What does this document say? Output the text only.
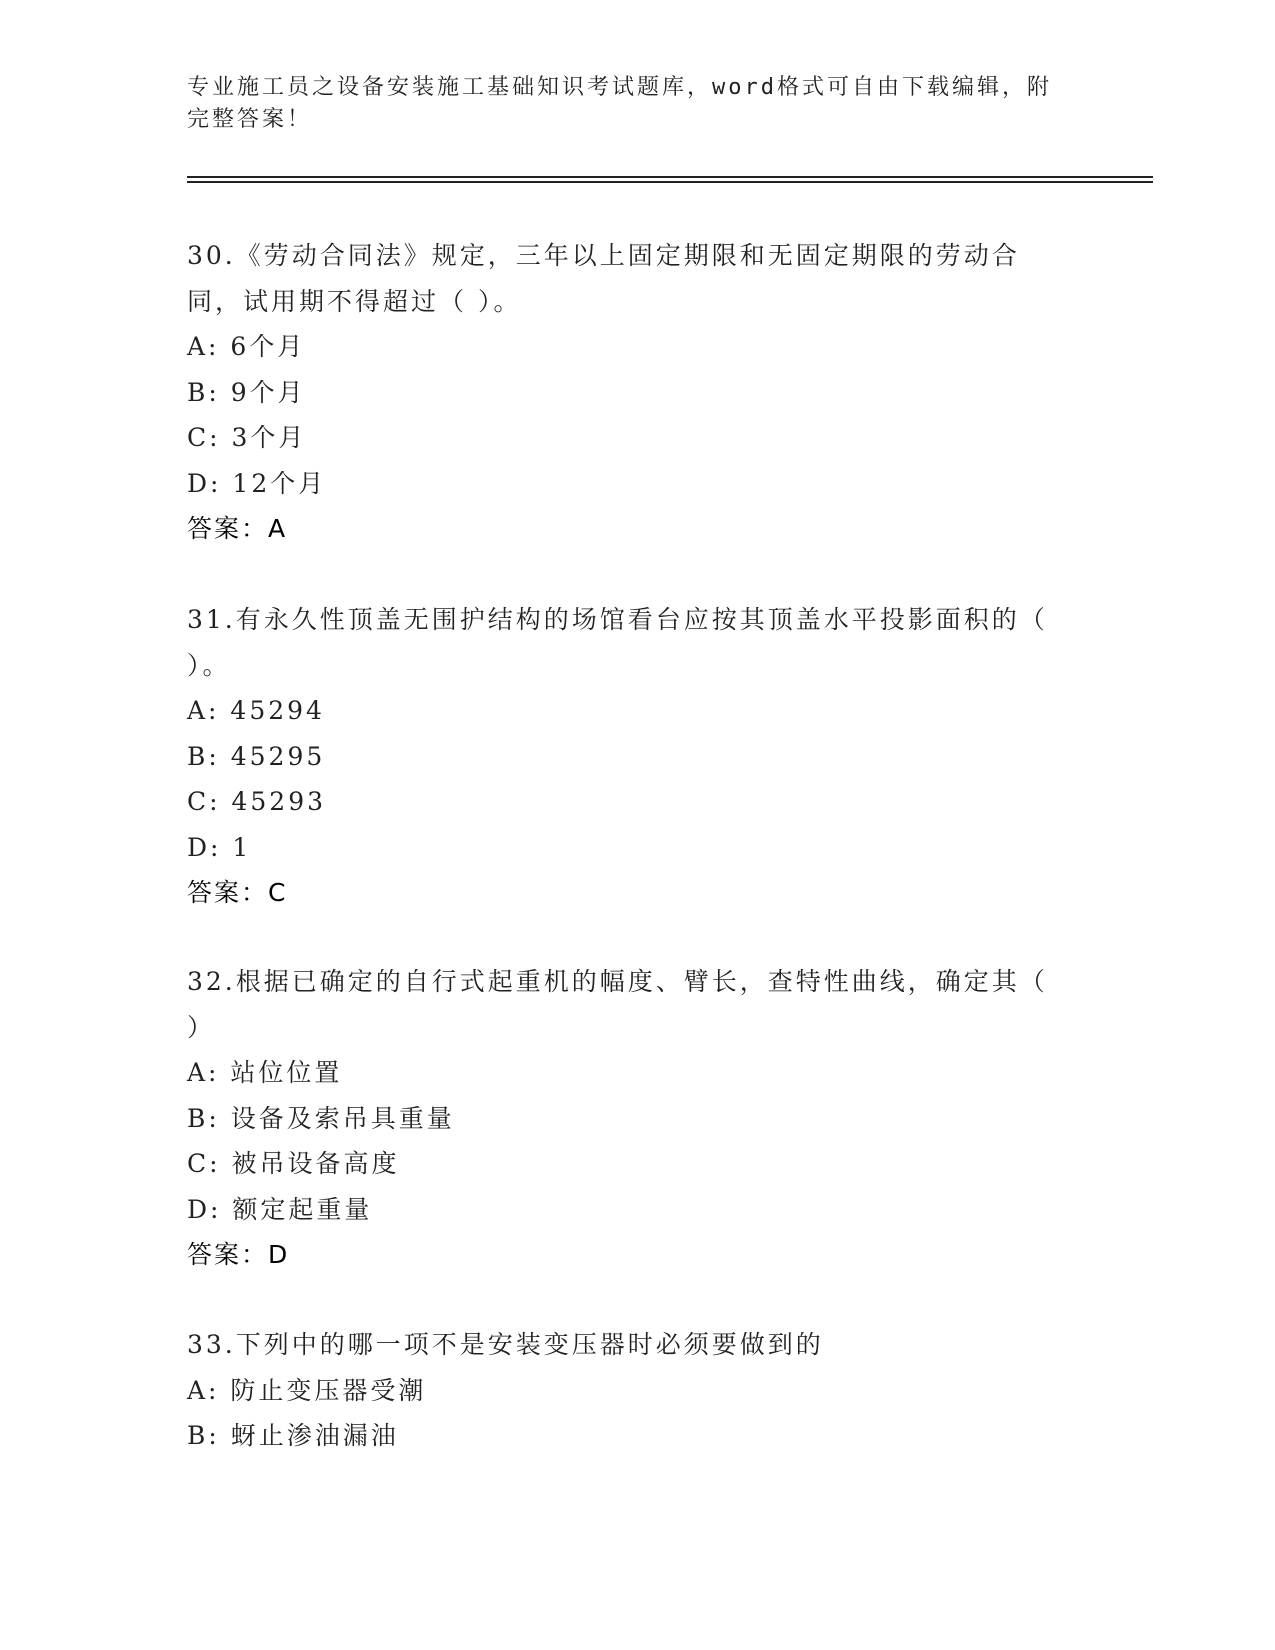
专业施工员之设备安装施工基础知识考试题库，word格式可自由下载编辑，附完整答案！
30.《劳动合同法》规定，三年以上固定期限和无固定期限的劳动合同，试用期不得超过（ ）。
A: 6个月
B: 9个月
C: 3个月
D: 12个月
答案：A
31.有永久性顶盖无围护结构的场馆看台应按其顶盖水平投影面积的（ ）。
A: 45294
B: 45295
C: 45293
D: 1
答案：C
32.根据已确定的自行式起重机的幅度、臂长，查特性曲线，确定其（ ）
A: 站位位置
B: 设备及索吊具重量
C: 被吊设备高度
D: 额定起重量
答案：D
33.下列中的哪一项不是安装变压器时必须要做到的
A: 防止变压器受潮
B: 蚜止渗油漏油
